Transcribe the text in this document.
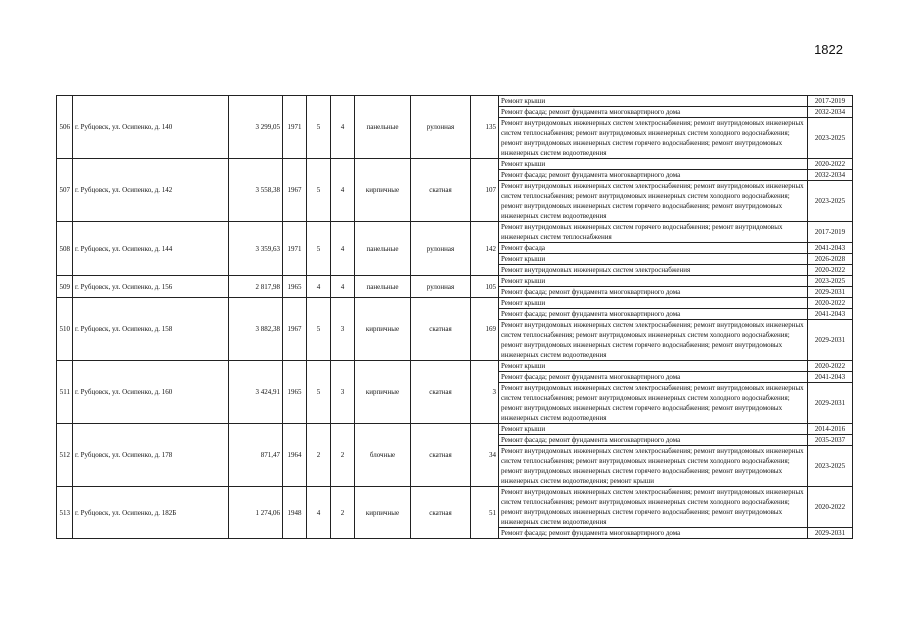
1822
506	г. Рубцовск, ул. Осипенко, д. 140	3 299,05	1971	5	4	панельные	рулонная	135	Ремонт крыши	2017-2019
									Ремонт фасада; ремонт фундамента многоквартирного дома	2032-2034
									Ремонт внутридомовых инженерных систем электроснабжения; ремонт внутридомовых инженерных систем теплоснабжения; ремонт внутридомовых инженерных систем холодного водоснабжения; ремонт внутридомовых инженерных систем горячего водоснабжения; ремонт внутридомовых инженерных систем водоотведения	2023-2025
507	г. Рубцовск, ул. Осипенко, д. 142	3 558,38	1967	5	4	кирпичные	скатная	107	Ремонт крыши	2020-2022
									Ремонт фасада; ремонт фундамента многоквартирного дома	2032-2034
									Ремонт внутридомовых инженерных систем электроснабжения; ремонт внутридомовых инженерных систем теплоснабжения; ремонт внутридомовых инженерных систем холодного водоснабжения; ремонт внутридомовых инженерных систем горячего водоснабжения; ремонт внутридомовых инженерных систем водоотведения	2023-2025
508	г. Рубцовск, ул. Осипенко, д. 144	3 359,63	1971	5	4	панельные	рулонная	142	Ремонт внутридомовых инженерных систем горячего водоснабжения; ремонт внутридомовых инженерных систем теплоснабжения	2017-2019
									Ремонт фасада	2041-2043
									Ремонт крыши	2026-2028
									Ремонт внутридомовых инженерных систем электроснабжения	2020-2022
509	г. Рубцовск, ул. Осипенко, д. 156	2 817,98	1965	4	4	панельные	рулонная	105	Ремонт крыши	2023-2025
									Ремонт фасада; ремонт фундамента многоквартирного дома	2029-2031
510	г. Рубцовск, ул. Осипенко, д. 158	3 882,38	1967	5	3	кирпичные	скатная	169	Ремонт крыши	2020-2022
									Ремонт фасада; ремонт фундамента многоквартирного дома	2041-2043
									Ремонт внутридомовых инженерных систем электроснабжения; ремонт внутридомовых инженерных систем теплоснабжения; ремонт внутридомовых инженерных систем холодного водоснабжения; ремонт внутридомовых инженерных систем горячего водоснабжения; ремонт внутридомовых инженерных систем водоотведения	2029-2031
511	г. Рубцовск, ул. Осипенко, д. 160	3 424,91	1965	5	3	кирпичные	скатная	3	Ремонт крыши	2020-2022
									Ремонт фасада; ремонт фундамента многоквартирного дома	2041-2043
									Ремонт внутридомовых инженерных систем электроснабжения; ремонт внутридомовых инженерных систем теплоснабжения; ремонт внутридомовых инженерных систем холодного водоснабжения; ремонт внутридомовых инженерных систем горячего водоснабжения; ремонт внутридомовых инженерных систем водоотведения	2029-2031
512	г. Рубцовск, ул. Осипенко, д. 178	871,47	1964	2	2	блочные	скатная	34	Ремонт крыши	2014-2016
									Ремонт фасада; ремонт фундамента многоквартирного дома	2035-2037
									Ремонт внутридомовых инженерных систем электроснабжения; ремонт внутридомовых инженерных систем теплоснабжения; ремонт внутридомовых инженерных систем холодного водоснабжения; ремонт внутридомовых инженерных систем горячего водоснабжения; ремонт внутридомовых инженерных систем водоотведения; ремонт крыши	2023-2025
513	г. Рубцовск, ул. Осипенко, д. 182Б	1 274,06	1948	4	2	кирпичные	скатная	51	Ремонт внутридомовых инженерных систем электроснабжения; ремонт внутридомовых инженерных систем теплоснабжения; ремонт внутридомовых инженерных систем холодного водоснабжения; ремонт внутридомовых инженерных систем горячего водоснабжения; ремонт внутридомовых инженерных систем водоотведения	2020-2022
									Ремонт фасада; ремонт фундамента многоквартирного дома	2029-2031
